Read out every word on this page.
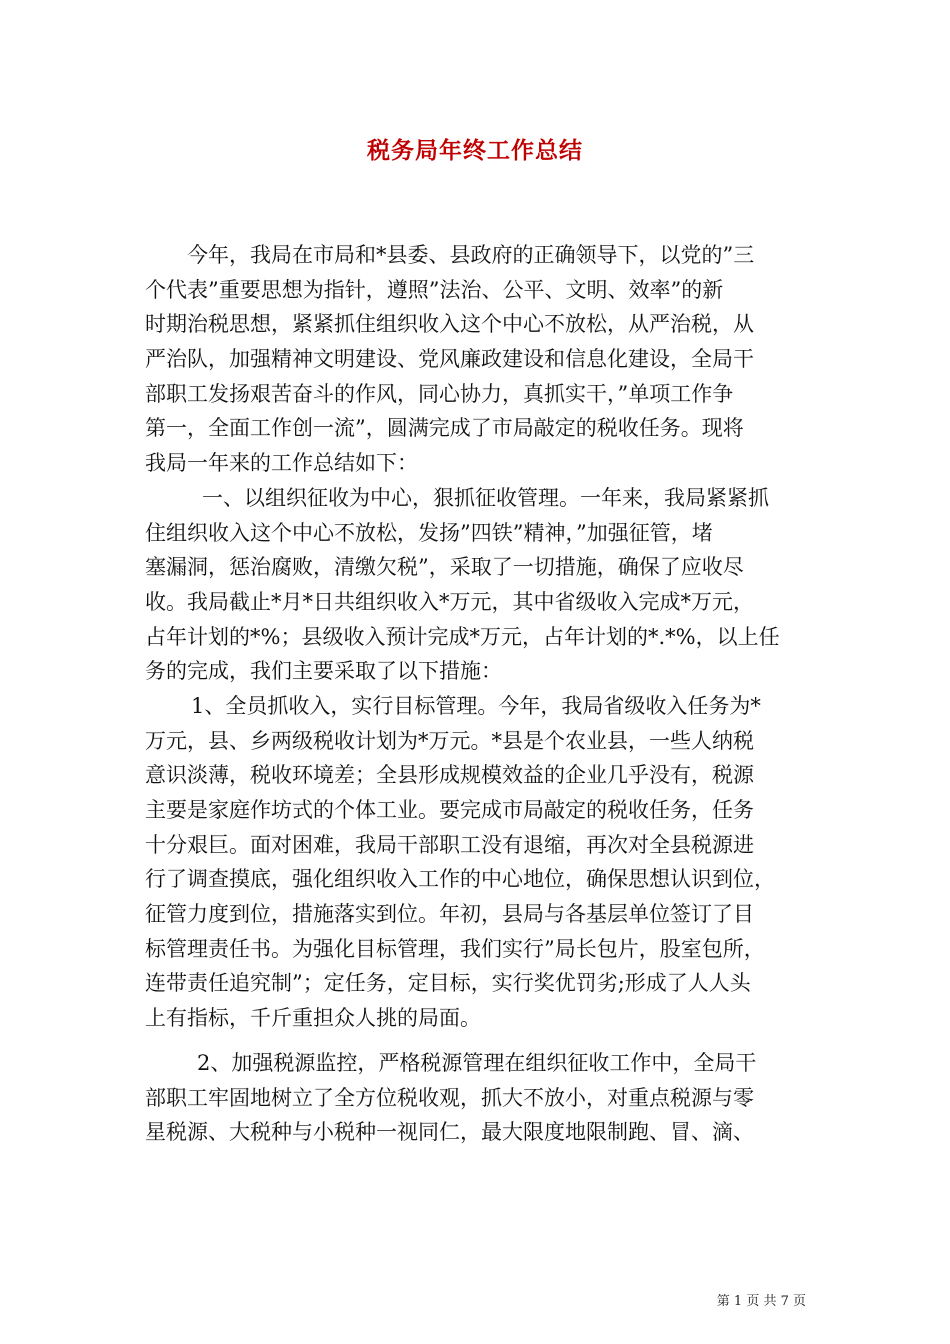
税务局年终工作总结

今年，我局在市局和*县委、县政府的正确领导下，以党的”三
个代表”重要思想为指针，遵照”法治、公平、文明、效率”的新
时期治税思想，紧紧抓住组织收入这个中心不放松，从严治税，从
严治队，加强精神文明建设、党风廉政建设和信息化建设，全局干
部职工发扬艰苦奋斗的作风，同心协力，真抓实干，”单项工作争
第一，全面工作创一流”，圆满完成了市局敲定的税收任务。现将
我局一年来的工作总结如下：

一、以组织征收为中心，狠抓征收管理。一年来，我局紧紧抓
住组织收入这个中心不放松，发扬”四铁”精神，”加强征管，堵
塞漏洞，惩治腐败，清缴欠税”，采取了一切措施，确保了应收尽
收。我局截止*月*日共组织收入*万元，其中省级收入完成*万元，
占年计划的*%；县级收入预计完成*万元，占年计划的*.*%，以上任
务的完成，我们主要采取了以下措施：

1、全员抓收入，实行目标管理。今年，我局省级收入任务为*
万元，县、乡两级税收计划为*万元。*县是个农业县，一些人纳税
意识淡薄，税收环境差；全县形成规模效益的企业几乎没有，税源
主要是家庭作坊式的个体工业。要完成市局敲定的税收任务，任务
十分艰巨。面对困难，我局干部职工没有退缩，再次对全县税源进
行了调查摸底，强化组织收入工作的中心地位，确保思想认识到位，
征管力度到位，措施落实到位。年初，县局与各基层单位签订了目
标管理责任书。为强化目标管理，我们实行”局长包片，股室包所，
连带责任追究制”；定任务，定目标，实行奖优罚劣;形成了人人头
上有指标，千斤重担众人挑的局面。

2、加强税源监控，严格税源管理在组织征收工作中，全局干
部职工牢固地树立了全方位税收观，抓大不放小，对重点税源与零
星税源、大税种与小税种一视同仁，最大限度地限制跑、冒、滴、

第 1 页 共 7 页
